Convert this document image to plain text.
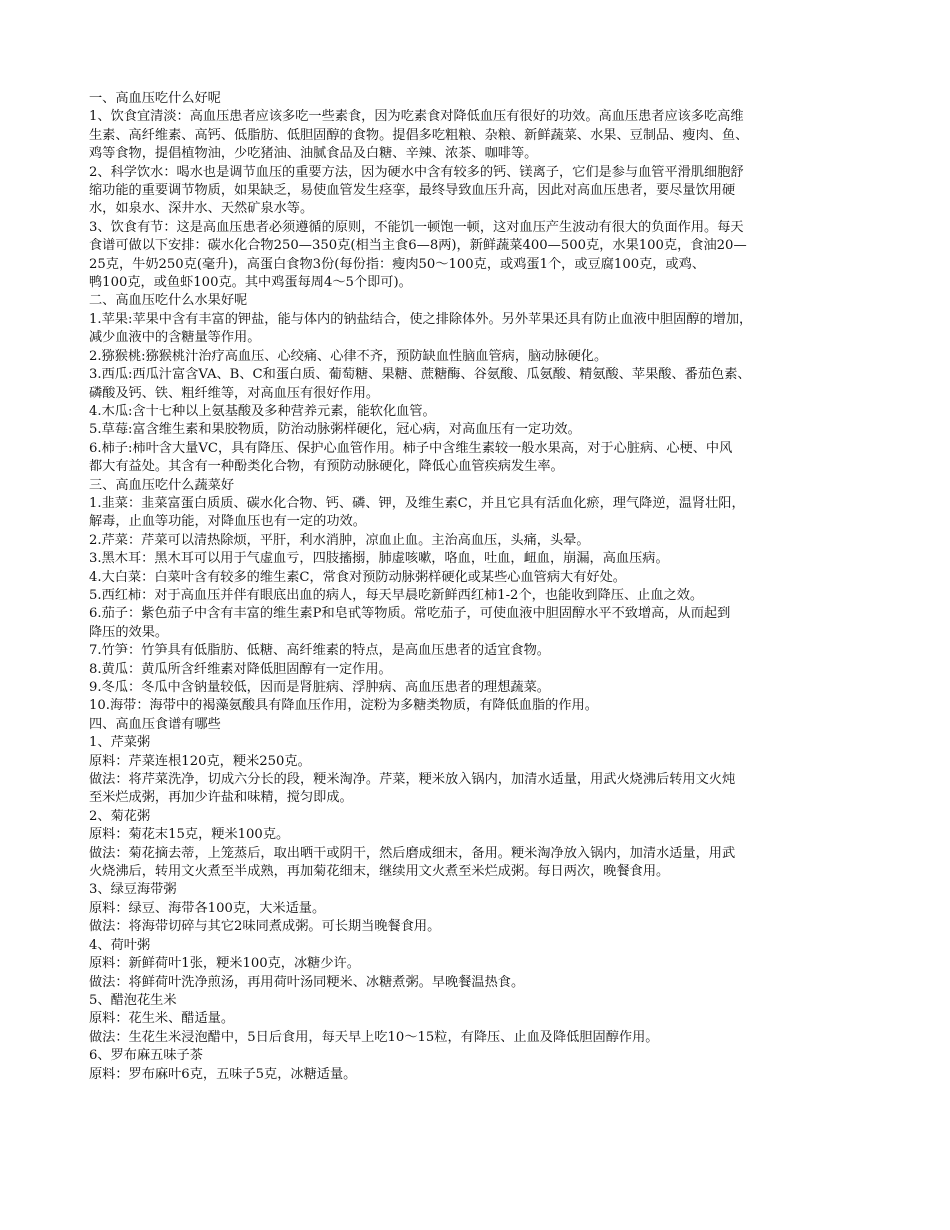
一、高血压吃什么好呢

1、饮食宜清淡：高血压患者应该多吃一些素食，因为吃素食对降低血压有很好的功效。高血压患者应该多吃高维

生素、高纤维素、高钙、低脂肪、低胆固醇的食物。提倡多吃粗粮、杂粮、新鲜蔬菜、水果、豆制品、瘦肉、鱼、

鸡等食物，提倡植物油，少吃猪油、油腻食品及白糖、辛辣、浓茶、咖啡等。

2、科学饮水：喝水也是调节血压的重要方法，因为硬水中含有较多的钙、镁离子，它们是参与血管平滑肌细胞舒

缩功能的重要调节物质，如果缺乏，易使血管发生痉挛，最终导致血压升高，因此对高血压患者，要尽量饮用硬

水，如泉水、深井水、天然矿泉水等。

3、饮食有节：这是高血压患者必须遵循的原则，不能饥一顿饱一顿，这对血压产生波动有很大的负面作用。每天

食谱可做以下安排：碳水化合物250—350克(相当主食6—8两)，新鲜蔬菜400—500克，水果100克，食油20—

25克，牛奶250克(毫升)，高蛋白食物3份(每份指：瘦肉50～100克，或鸡蛋1个，或豆腐100克，或鸡、

鸭100克，或鱼虾100克。其中鸡蛋每周4～5个即可)。

二、高血压吃什么水果好呢

1.苹果:苹果中含有丰富的钾盐，能与体内的钠盐结合，使之排除体外。另外苹果还具有防止血液中胆固醇的增加，

减少血液中的含糖量等作用。

2.猕猴桃:猕猴桃汁治疗高血压、心绞痛、心律不齐，预防缺血性脑血管病，脑动脉硬化。

3.西瓜:西瓜汁富含VA、B、C和蛋白质、葡萄糖、果糖、蔗糖酶、谷氨酸、瓜氨酸、精氨酸、苹果酸、番茄色素、

磷酸及钙、铁、粗纤维等，对高血压有很好作用。

4.木瓜:含十七种以上氨基酸及多种营养元素，能软化血管。

5.草莓:富含维生素和果胶物质，防治动脉粥样硬化，冠心病，对高血压有一定功效。

6.柿子:柿叶含大量VC，具有降压、保护心血管作用。柿子中含维生素较一般水果高，对于心脏病、心梗、中风

都大有益处。其含有一种酚类化合物，有预防动脉硬化，降低心血管疾病发生率。

三、高血压吃什么蔬菜好

1.韭菜：韭菜富蛋白质质、碳水化合物、钙、磷、钾，及维生素C，并且它具有活血化瘀，理气降逆，温肾壮阳，

解毒，止血等功能，对降血压也有一定的功效。

2.芹菜：芹菜可以清热除烦，平肝，利水消肿，凉血止血。主治高血压，头痛，头晕。

3.黑木耳：黑木耳可以用于气虚血亏，四肢搐搦，肺虚咳嗽，咯血，吐血，衄血，崩漏，高血压病。

4.大白菜：白菜叶含有较多的维生素C，常食对预防动脉粥样硬化或某些心血管病大有好处。

5.西红柿：对于高血压并伴有眼底出血的病人，每天早晨吃新鲜西红柿1-2个，也能收到降压、止血之效。

6.茄子：紫色茄子中含有丰富的维生素P和皂甙等物质。常吃茄子，可使血液中胆固醇水平不致增高，从而起到

降压的效果。

7.竹笋：竹笋具有低脂肪、低糖、高纤维素的特点，是高血压患者的适宜食物。

8.黄瓜：黄瓜所含纤维素对降低胆固醇有一定作用。

9.冬瓜：冬瓜中含钠量较低，因而是肾脏病、浮肿病、高血压患者的理想蔬菜。

10.海带：海带中的褐藻氨酸具有降血压作用，淀粉为多糖类物质，有降低血脂的作用。

四、高血压食谱有哪些

1、芹菜粥

原料：芹菜连根120克，粳米250克。

做法：将芹菜洗净，切成六分长的段，粳米淘净。芹菜，粳米放入锅内，加清水适量，用武火烧沸后转用文火炖

至米烂成粥，再加少许盐和味精，搅匀即成。

2、菊花粥

原料：菊花末15克，粳米100克。

做法：菊花摘去蒂，上笼蒸后，取出晒干或阴干，然后磨成细末，备用。粳米淘净放入锅内，加清水适量，用武

火烧沸后，转用文火煮至半成熟，再加菊花细末，继续用文火煮至米烂成粥。每日两次，晚餐食用。

3、绿豆海带粥

原料：绿豆、海带各100克，大米适量。

做法：将海带切碎与其它2味同煮成粥。可长期当晚餐食用。

4、荷叶粥

原料：新鲜荷叶1张，粳米100克，冰糖少许。

做法：将鲜荷叶洗净煎汤，再用荷叶汤同粳米、冰糖煮粥。早晚餐温热食。

5、醋泡花生米

原料：花生米、醋适量。

做法：生花生米浸泡醋中，5日后食用，每天早上吃10～15粒，有降压、止血及降低胆固醇作用。

6、罗布麻五味子茶

原料：罗布麻叶6克，五味子5克，冰糖适量。
